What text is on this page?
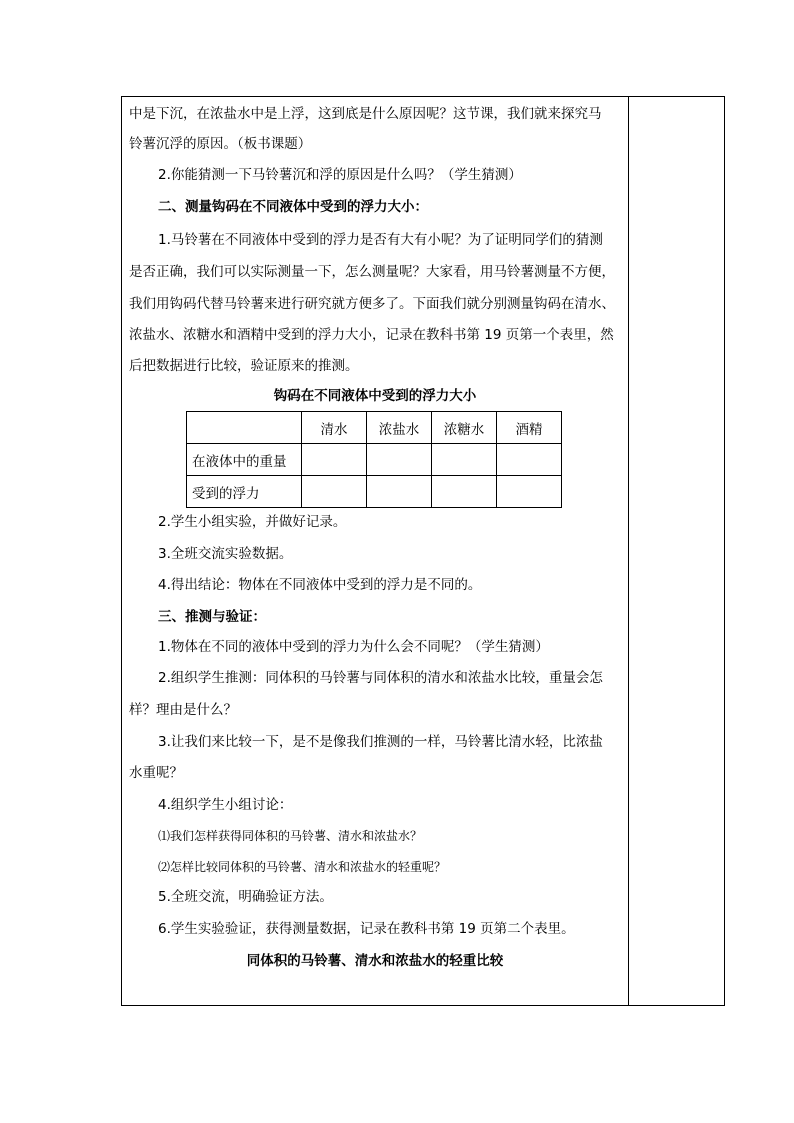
中是下沉，在浓盐水中是上浮，这到底是什么原因呢？这节课，我们就来探究马
铃薯沉浮的原因。（板书课题）
2.你能猜测一下马铃薯沉和浮的原因是什么吗？（学生猜测）
二、测量钩码在不同液体中受到的浮力大小：
1.马铃薯在不同液体中受到的浮力是否有大有小呢？为了证明同学们的猜测
是否正确，我们可以实际测量一下，怎么测量呢？大家看，用马铃薯测量不方便，
我们用钩码代替马铃薯来进行研究就方便多了。下面我们就分别测量钩码在清水、
浓盐水、浓糖水和酒精中受到的浮力大小，记录在教科书第 19 页第一个表里，然
后把数据进行比较，验证原来的推测。
钩码在不同液体中受到的浮力大小
	清水	浓盐水	浓糖水	酒精
在液体中的重量				
受到的浮力				
2.学生小组实验，并做好记录。
3.全班交流实验数据。
4.得出结论：物体在不同液体中受到的浮力是不同的。
三、推测与验证：
1.物体在不同的液体中受到的浮力为什么会不同呢？（学生猜测）
2.组织学生推测：同体积的马铃薯与同体积的清水和浓盐水比较，重量会怎
样？理由是什么？
3.让我们来比较一下，是不是像我们推测的一样，马铃薯比清水轻，比浓盐
水重呢？
4.组织学生小组讨论：
⑴我们怎样获得同体积的马铃薯、清水和浓盐水？
⑵怎样比较同体积的马铃薯、清水和浓盐水的轻重呢？
5.全班交流，明确验证方法。
6.学生实验验证，获得测量数据，记录在教科书第 19 页第二个表里。
同体积的马铃薯、清水和浓盐水的轻重比较
